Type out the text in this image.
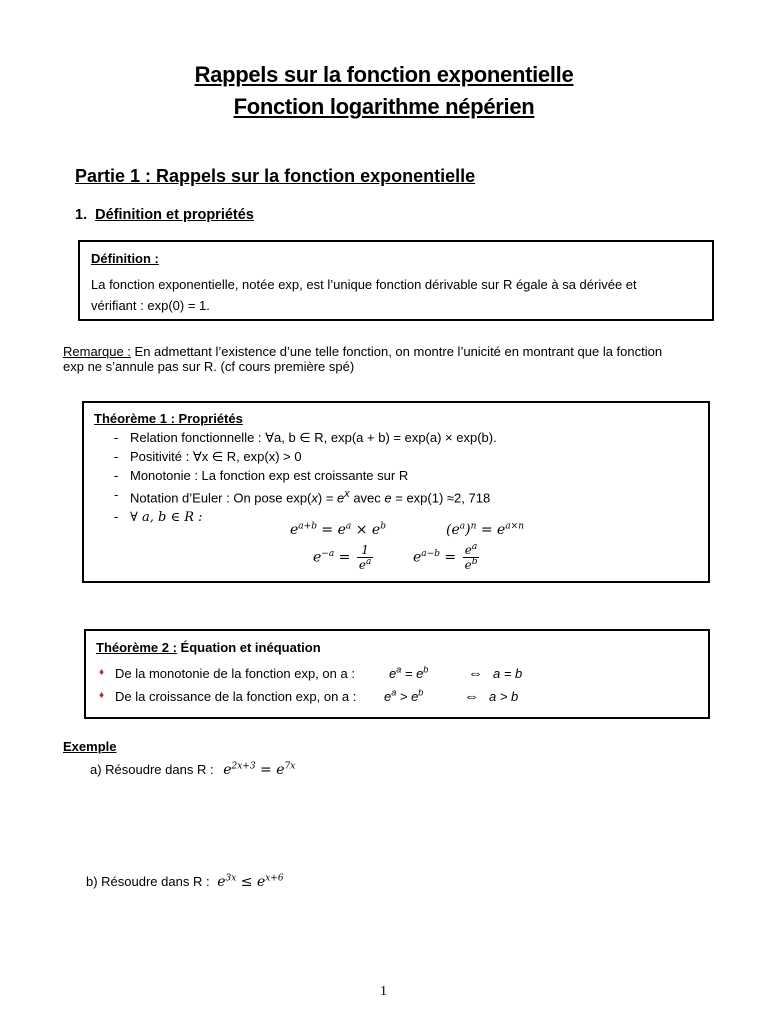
Rappels sur la fonction exponentielle
Fonction logarithme népérien
Partie 1 : Rappels sur la fonction exponentielle
1. Définition et propriétés
Définition :
La fonction exponentielle, notée exp, est l’unique fonction dérivable sur R égale à sa dérivée et
vérifiant : exp(0) = 1.
Remarque : En admettant l’existence d’une telle fonction, on montre l’unicité en montrant que la fonction
exp ne s’annule pas sur R. (cf cours première spé)
Théorème 1 : Propriétés
- Relation fonctionnelle : ∀a, b ∈ R, exp(a + b) = exp(a) × exp(b).
- Positivité : ∀x ∈ R, exp(x) > 0
- Monotonie : La fonction exp est croissante sur R
- Notation d’Euler : On pose $\exp(x) = e^x$ avec e = exp(1) ≈2, 718
- ∀ a, b ∈ R :
$e^{a+b} = e^a \times e^b$	$(e^a)^n = e^{a\times n}$
$e^{-a} = \frac{1}{e^a}$	$e^{a-b} = \frac{e^a}{e^b}$
Théorème 2 : Équation et inéquation
♦ De la monotonie de la fonction exp, on a :	$e^a = e^b$	⇔ a = b
♦ De la croissance de la fonction exp, on a : $e^a > e^b$	⇔ a > b
Exemple
a) Résoudre dans R : $e^{2x+3} = e^{7x}$
b) Résoudre dans R : $e^{3x} \le e^{x+6}$
1
